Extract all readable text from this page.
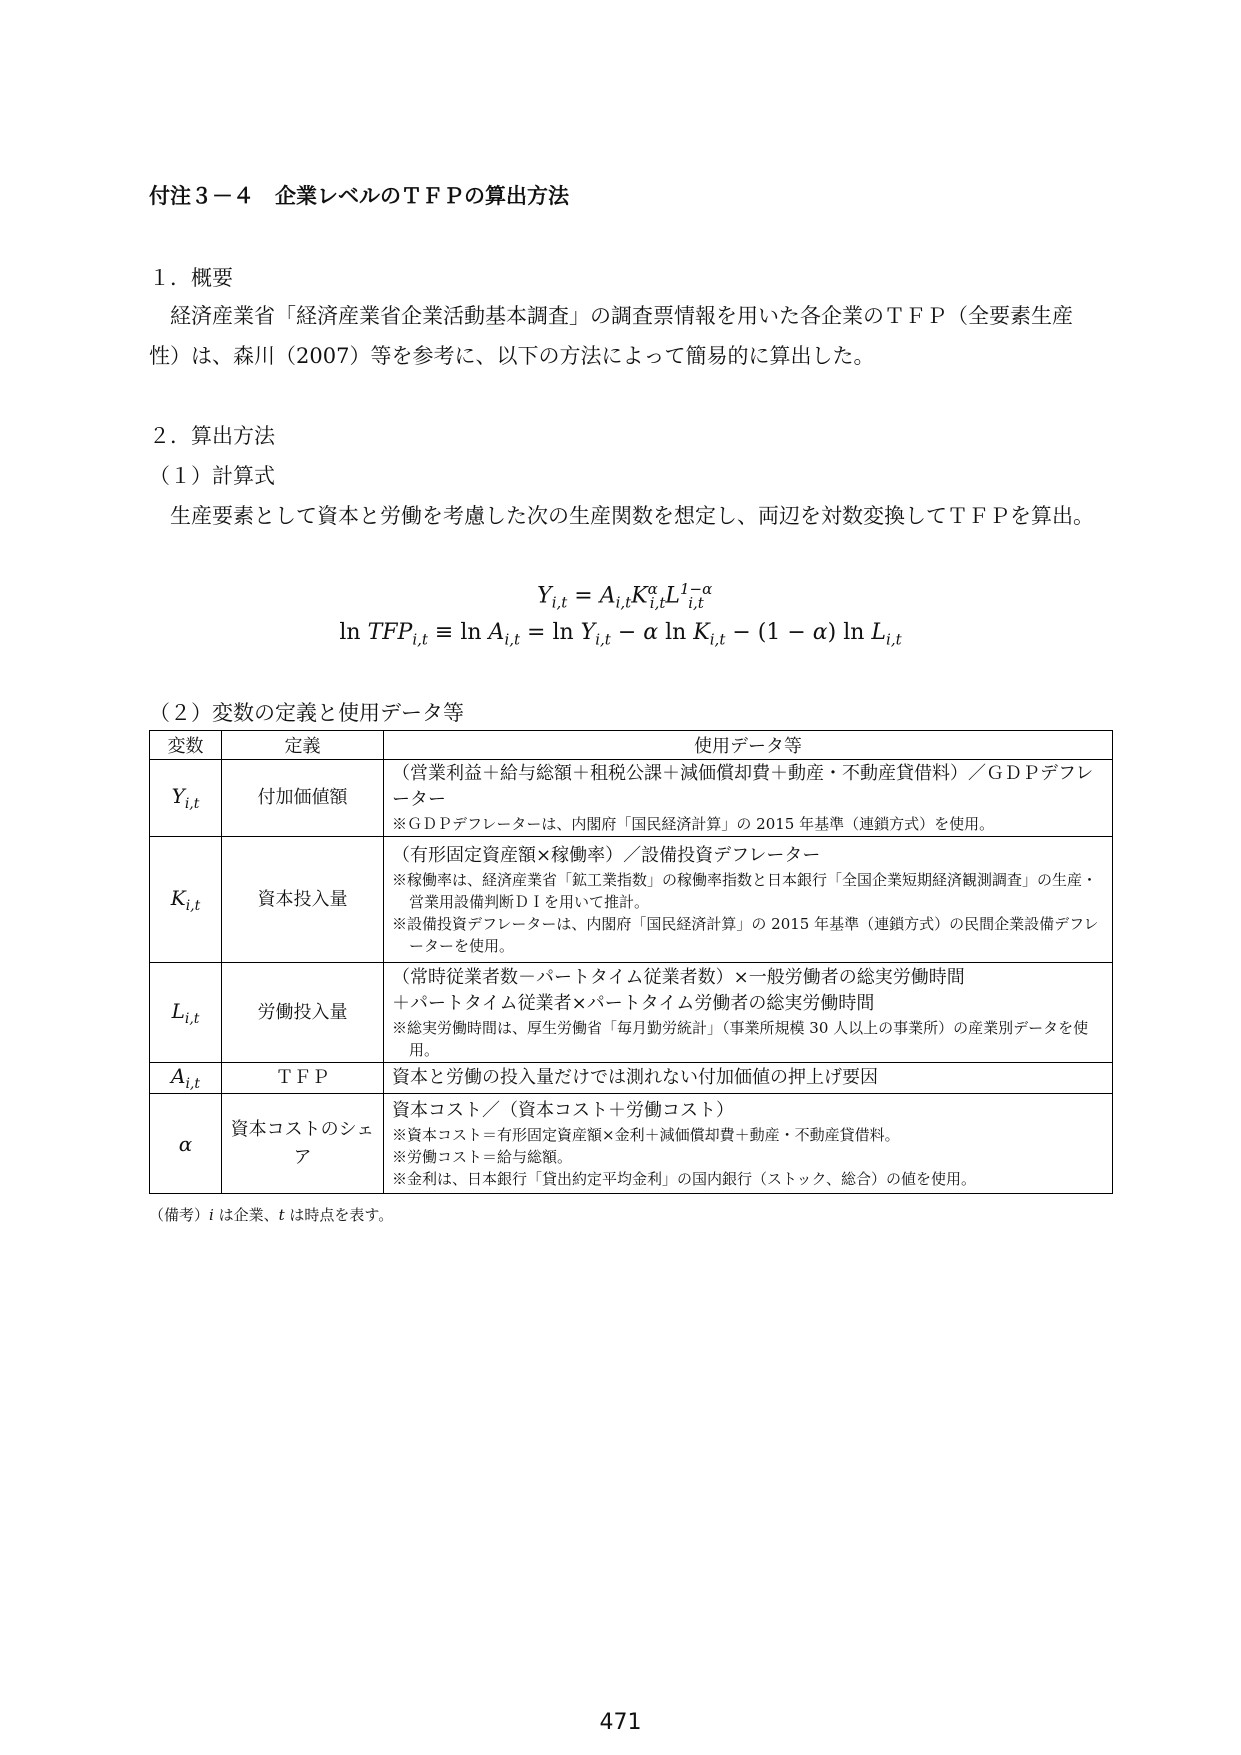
付注３－４　企業レベルのＴＦＰの算出方法
１．概要
経済産業省「経済産業省企業活動基本調査」の調査票情報を用いた各企業のＴＦＰ（全要素生産性）は、森川（2007）等を参考に、以下の方法によって簡易的に算出した。
２．算出方法
（１）計算式
生産要素として資本と労働を考慮した次の生産関数を想定し、両辺を対数変換してＴＦＰを算出。
$Y_{i,t} = A_{i,t}K^\alpha_{i,t}L^{1-\alpha}_{i,t}$
$\ln TFP_{i,t} \equiv \ln A_{i,t} = \ln Y_{i,t} - \alpha$ $\ln K_{i,t} - (1 - \alpha)$ $\ln L_{i,t}$
（２）変数の定義と使用データ等
変数	定義	使用データ等
$Y_{i,t}$	付加価値額	（営業利益＋給与総額＋租税公課＋減価償却費＋動産・不動産貸借料）／ＧＤＰデフレーター
※ＧＤＰデフレーターは、内閣府「国民経済計算」の 2015 年基準（連鎖方式）を使用。

$K_{i,t}$	資本投入量	（有形固定資産額×稼働率）／設備投資デフレーター
※稼働率は、経済産業省「鉱工業指数」の稼働率指数と日本銀行「全国企業短期経済観測調査」の生産・営業用設備判断ＤＩを用いて推計。
※設備投資デフレーターは、内閣府「国民経済計算」の 2015 年基準（連鎖方式）の民間企業設備デフレーターを使用。

$L_{i,t}$	労働投入量	（常時従業者数－パートタイム従業者数）×一般労働者の総実労働時間
＋パートタイム従業者×パートタイム労働者の総実労働時間
※総実労働時間は、厚生労働省「毎月勤労統計」（事業所規模 30 人以上の事業所）の産業別データを使用。

$A_{i,t}$	ＴＦＰ	資本と労働の投入量だけでは測れない付加価値の押上げ要因

α	資本コストのシェア	資本コスト／（資本コスト＋労働コスト）
※資本コスト＝有形固定資産額×金利＋減価償却費＋動産・不動産貸借料。
※労働コスト＝給与総額。
※金利は、日本銀行「貸出約定平均金利」の国内銀行（ストック、総合）の値を使用。
（備考）i は企業、t は時点を表す。
471
